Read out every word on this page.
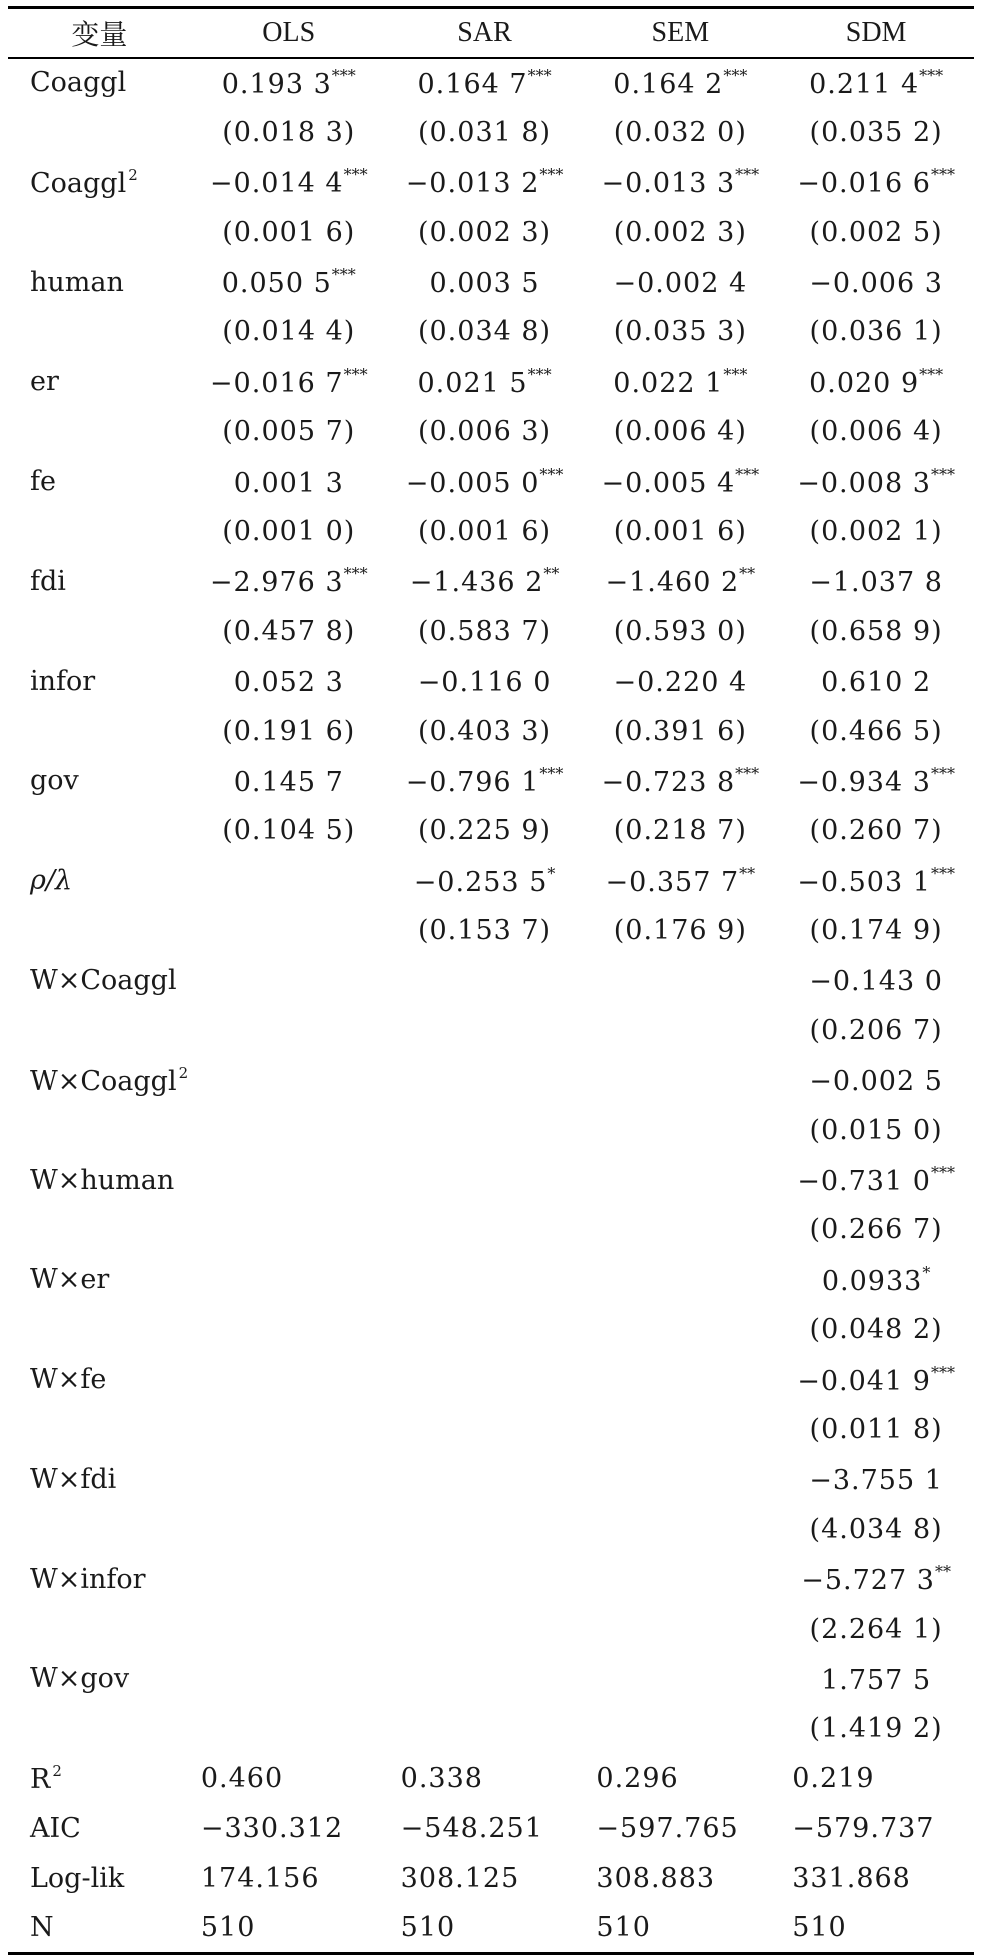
变量	OLS	SAR	SEM	SDM
Coaggl	0.193 3***	0.164 7***	0.164 2***	0.211 4***
	(0.018 3)	(0.031 8)	(0.032 0)	(0.035 2)
Coaggl $^2$	−0.014 4***	−0.013 2***	−0.013 3***	−0.016 6***
	(0.001 6)	(0.002 3)	(0.002 3)	(0.002 5)
human	0.050 5***	0.003 5	−0.002 4	−0.006 3
	(0.014 4)	(0.034 8)	(0.035 3)	(0.036 1)
er	−0.016 7***	0.021 5***	0.022 1***	0.020 9***
	(0.005 7)	(0.006 3)	(0.006 4)	(0.006 4)
fe	0.001 3	−0.005 0***	−0.005 4***	−0.008 3***
	(0.001 0)	(0.001 6)	(0.001 6)	(0.002 1)
fdi	−2.976 3***	−1.436 2**	−1.460 2**	−1.037 8
	(0.457 8)	(0.583 7)	(0.593 0)	(0.658 9)
infor	0.052 3	−0.116 0	−0.220 4	0.610 2
	(0.191 6)	(0.403 3)	(0.391 6)	(0.466 5)
gov	0.145 7	−0.796 1***	−0.723 8***	−0.934 3***
	(0.104 5)	(0.225 9)	(0.218 7)	(0.260 7)
ρ/λ		−0.253 5*	−0.357 7**	−0.503 1***
		(0.153 7)	(0.176 9)	(0.174 9)
W×Coaggl				−0.143 0
				(0.206 7)
W×Coaggl $^2$				−0.002 5
				(0.015 0)
W×human				−0.731 0***
				(0.266 7)
W×er				0.0933*
				(0.048 2)
W×fe				−0.041 9***
				(0.011 8)
W×fdi				−3.755 1
				(4.034 8)
W×infor				−5.727 3**
				(2.264 1)
W×gov				1.757 5
				(1.419 2)
R $^2$	0.460	0.338	0.296	0.219
AIC	−330.312	−548.251	−597.765	−579.737
Log-lik	174.156	308.125	308.883	331.868
N	510	510	510	510
